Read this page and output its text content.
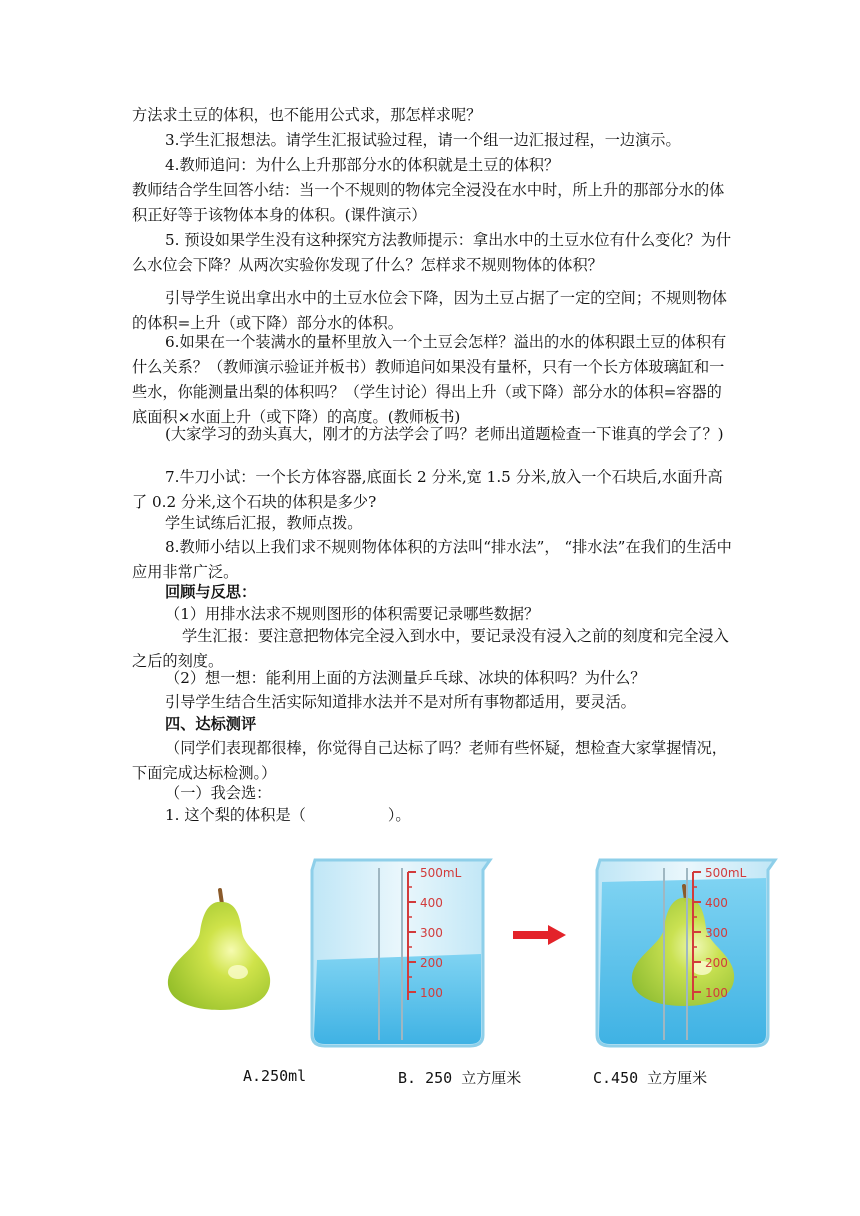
方法求土豆的体积，也不能用公式求，那怎样求呢？

3.学生汇报想法。请学生汇报试验过程，请一个组一边汇报过程，一边演示。

4.教师追问：为什么上升那部分水的体积就是土豆的体积？

教师结合学生回答小结：当一个不规则的物体完全浸没在水中时，所上升的那部分水的体积正好等于该物体本身的体积。(课件演示）

5. 预设如果学生没有这种探究方法教师提示：拿出水中的土豆水位有什么变化？为什么水位会下降？从两次实验你发现了什么？怎样求不规则物体的体积？

引导学生说出拿出水中的土豆水位会下降，因为土豆占据了一定的空间；不规则物体的体积=上升（或下降）部分水的体积。

6.如果在一个装满水的量杯里放入一个土豆会怎样？溢出的水的体积跟土豆的体积有什么关系？（教师演示验证并板书）教师追问如果没有量杯，只有一个长方体玻璃缸和一些水，你能测量出梨的体积吗？（学生讨论）得出上升（或下降）部分水的体积=容器的底面积×水面上升（或下降）的高度。(教师板书)

(大家学习的劲头真大，刚才的方法学会了吗？老师出道题检查一下谁真的学会了？)

7.牛刀小试：一个长方体容器,底面长 2 分米,宽 1.5 分米,放入一个石块后,水面升高了 0.2 分米,这个石块的体积是多少?

学生试练后汇报，教师点拨。

8.教师小结以上我们求不规则物体体积的方法叫“排水法”， “排水法”在我们的生活中应用非常广泛。

回顾与反思：

（1）用排水法求不规则图形的体积需要记录哪些数据？

学生汇报：要注意把物体完全浸入到水中，要记录没有浸入之前的刻度和完全浸入之后的刻度。

（2）想一想：能利用上面的方法测量乒乓球、冰块的体积吗？为什么？

引导学生结合生活实际知道排水法并不是对所有事物都适用，要灵活。

四、达标测评

（同学们表现都很棒，你觉得自己达标了吗？老师有些怀疑，想检查大家掌握情况，下面完成达标检测。）

（一）我会选：

1. 这个梨的体积是（	）。

500mL
400
300
200
100
500mL
400
300
200
100
A.250ml	B. 250 立方厘米	C.450 立方厘米
